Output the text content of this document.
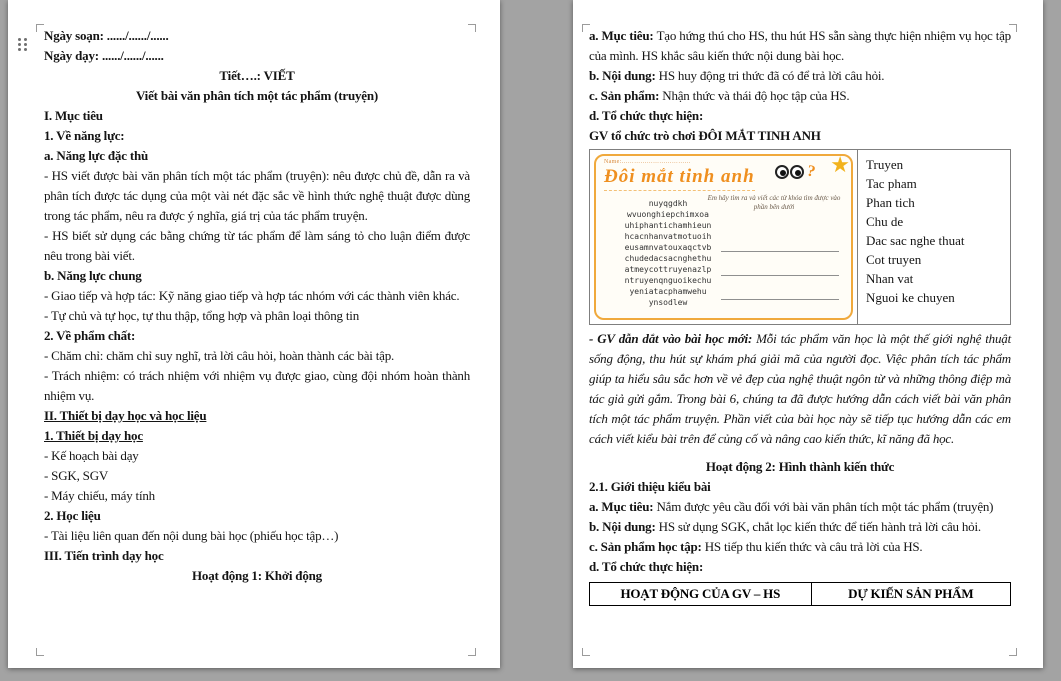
Ngày soạn: ....../....../......

Ngày dạy: ....../....../......

Tiết….: VIẾT

Viết bài văn phân tích một tác phẩm (truyện)

I. Mục tiêu

1. Về năng lực:

a. Năng lực đặc thù

- HS viết được bài văn phân tích một tác phẩm (truyện): nêu được chủ đề, dẫn ra và phân tích được tác dụng của một vài nét đặc sắc về hình thức nghệ thuật được dùng trong tác phẩm, nêu ra được ý nghĩa, giá trị của tác phẩm truyện.

- HS biết sử dụng các bằng chứng từ tác phẩm để làm sáng tỏ cho luận điểm được nêu trong bài viết.

b. Năng lực chung

- Giao tiếp và hợp tác: Kỹ năng giao tiếp và hợp tác nhóm với các thành viên khác.

- Tự chủ và tự học, tự thu thập, tổng hợp và phân loại thông tin

2. Về phẩm chất:

- Chăm chỉ: chăm chỉ suy nghĩ, trả lời câu hỏi, hoàn thành các bài tập.

- Trách nhiệm: có trách nhiệm với nhiệm vụ được giao, cùng đội nhóm hoàn thành nhiệm vụ.

II. Thiết bị dạy học và học liệu

1. Thiết bị dạy học

- Kế hoạch bài dạy

- SGK, SGV

- Máy chiếu, máy tính

2. Học liệu

- Tài liệu liên quan đến nội dung bài học (phiếu học tập…)

III. Tiến trình dạy học

Hoạt động 1: Khởi động

a. Mục tiêu: Tạo hứng thú cho HS, thu hút HS sẵn sàng thực hiện nhiệm vụ học tập của mình. HS khắc sâu kiến thức nội dung bài học.

b. Nội dung: HS huy động tri thức đã có để trả lời câu hỏi.

c. Sản phẩm: Nhận thức và thái độ học tập của HS.

d. Tổ chức thực hiện:

GV tổ chức trò chơi ĐÔI MẮT TINH ANH

Name:……………………………
Đôi mắt tinh anh	? ★
Em hãy tìm ra và viết các từ khóa tìm được vào phần bên dưới
nuyqgdkh
wvuonghiepchimxoa
uhiphantichamhieun
hcacnhanvatmotuoih
eusamnvatouxaqctvb
chudedacsacnghethu
atmeycottruyenazlp
ntruyenqnguoikechu
yeniatacphamwehu
ynsodlew
Truyen
Tac pham
Phan tich
Chu de
Dac sac nghe thuat
Cot truyen
Nhan vat
Nguoi ke chuyen

- GV dẫn dắt vào bài học mới: Mỗi tác phẩm văn học là một thế giới nghệ thuật sống động, thu hút sự khám phá giải mã của người đọc. Việc phân tích tác phẩm giúp ta hiểu sâu sắc hơn về vẻ đẹp của nghệ thuật ngôn từ và những thông điệp mà tác giả gửi gắm. Trong bài 6, chúng ta đã được hướng dẫn cách viết bài văn phân tích một tác phẩm truyện. Phần viết của bài học này sẽ tiếp tục hướng dẫn các em cách viết kiểu bài trên để củng cố và nâng cao kiến thức, kĩ năng đã học.

Hoạt động 2: Hình thành kiến thức

2.1. Giới thiệu kiểu bài

a. Mục tiêu: Nắm được yêu cầu đối với bài văn phân tích một tác phẩm (truyện)

b. Nội dung: HS sử dụng SGK, chắt lọc kiến thức để tiến hành trả lời câu hỏi.

c. Sản phẩm học tập: HS tiếp thu kiến thức và câu trả lời của HS.

d. Tổ chức thực hiện:

HOẠT ĐỘNG CỦA GV – HS	DỰ KIẾN SẢN PHẨM
